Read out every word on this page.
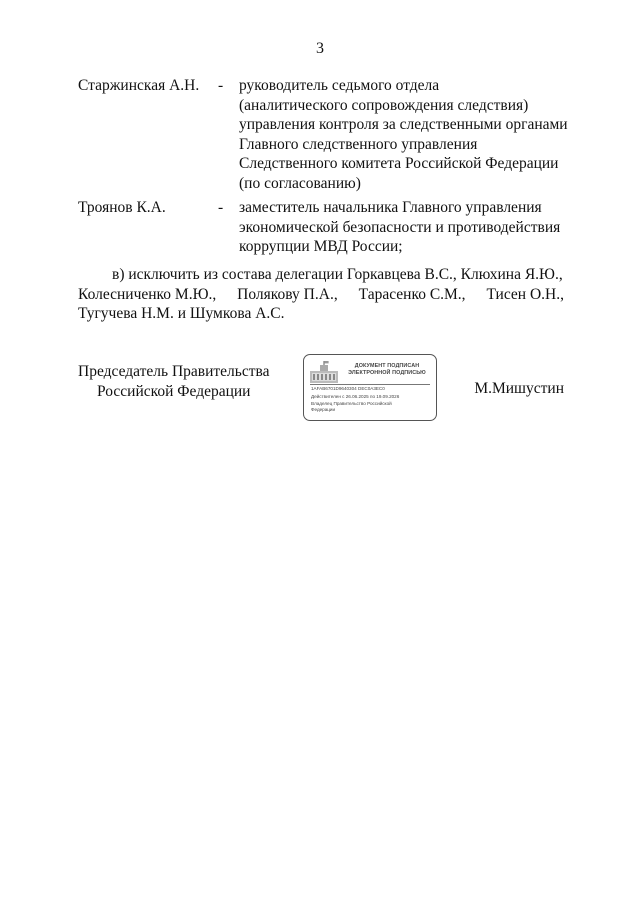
3
Старжинская А.Н. - руководитель седьмого отдела
(аналитического сопровождения следствия)
управления контроля за следственными органами
Главного следственного управления
Следственного комитета Российской Федерации
(по согласованию)
Троянов К.А.	- заместитель начальника Главного управления
экономической безопасности и противодействия
коррупции МВД России;
в) исключить из состава делегации Горкавцева В.С., Клюхина Я.Ю.,
Колесниченко М.Ю., Полякову П.А., Тарасенко С.М., Тисен О.Н.,
Тугучева Н.М. и Шумкова А.С.
Председатель Правительства
Российской Федерации
ДОКУМЕНТ ПОДПИСАН
ЭЛЕКТРОННОЙ ПОДПИСЬЮ
1AFAB6701D9640304 DEC0A3EC0
Действителен с 26.06.2025 по 19.09.2026
Владелец Правительство Российской
Федерации
М.Мишустин
